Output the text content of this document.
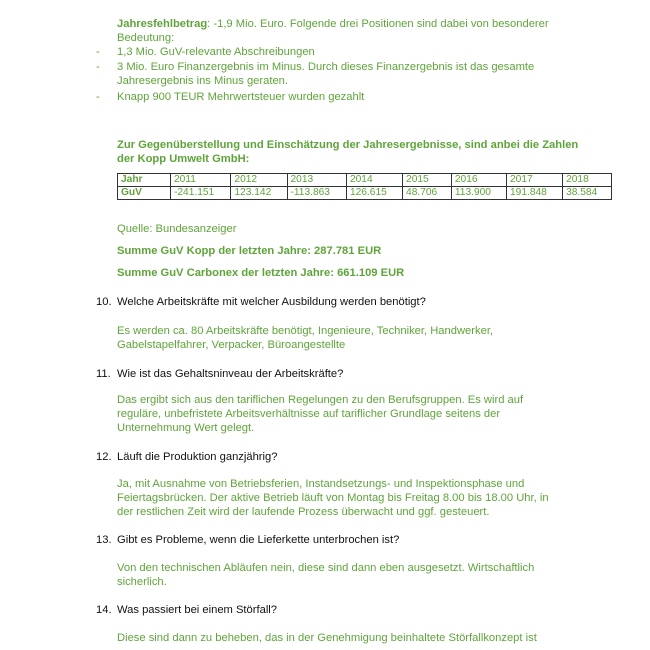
Jahresfehlbetrag: -1,9 Mio. Euro. Folgende drei Positionen sind dabei von besonderer
Bedeutung:
- 1,3 Mio. GuV-relevante Abschreibungen
- 3 Mio. Euro Finanzergebnis im Minus. Durch dieses Finanzergebnis ist das gesamte
Jahresergebnis ins Minus geraten.
- Knapp 900 TEUR Mehrwertsteuer wurden gezahlt
Zur Gegenüberstellung und Einschätzung der Jahresergebnisse, sind anbei die Zahlen
der Kopp Umwelt GmbH:
Jahr	2011	2012	2013	2014	2015	2016	2017	2018
GuV	-241.151	123.142	-113.863	126.615	48.706	113.900	191.848	38.584
Quelle: Bundesanzeiger
Summe GuV Kopp der letzten Jahre: 287.781 EUR
Summe GuV Carbonex der letzten Jahre: 661.109 EUR
10. Welche Arbeitskräfte mit welcher Ausbildung werden benötigt?
Es werden ca. 80 Arbeitskräfte benötigt, Ingenieure, Techniker, Handwerker,
Gabelstapelfahrer, Verpacker, Büroangestellte
11. Wie ist das Gehaltsninveau der Arbeitskräfte?
Das ergibt sich aus den tariflichen Regelungen zu den Berufsgruppen. Es wird auf
reguläre, unbefristete Arbeitsverhältnisse auf tariflicher Grundlage seitens der
Unternehmung Wert gelegt.
12. Läuft die Produktion ganzjährig?
Ja, mit Ausnahme von Betriebsferien, Instandsetzungs- und Inspektionsphase und
Feiertagsbrücken. Der aktive Betrieb läuft von Montag bis Freitag 8.00 bis 18.00 Uhr, in
der restlichen Zeit wird der laufende Prozess überwacht und ggf. gesteuert.
13. Gibt es Probleme, wenn die Lieferkette unterbrochen ist?
Von den technischen Abläufen nein, diese sind dann eben ausgesetzt. Wirtschaftlich
sicherlich.
14. Was passiert bei einem Störfall?
Diese sind dann zu beheben, das in der Genehmigung beinhaltete Störfallkonzept ist
